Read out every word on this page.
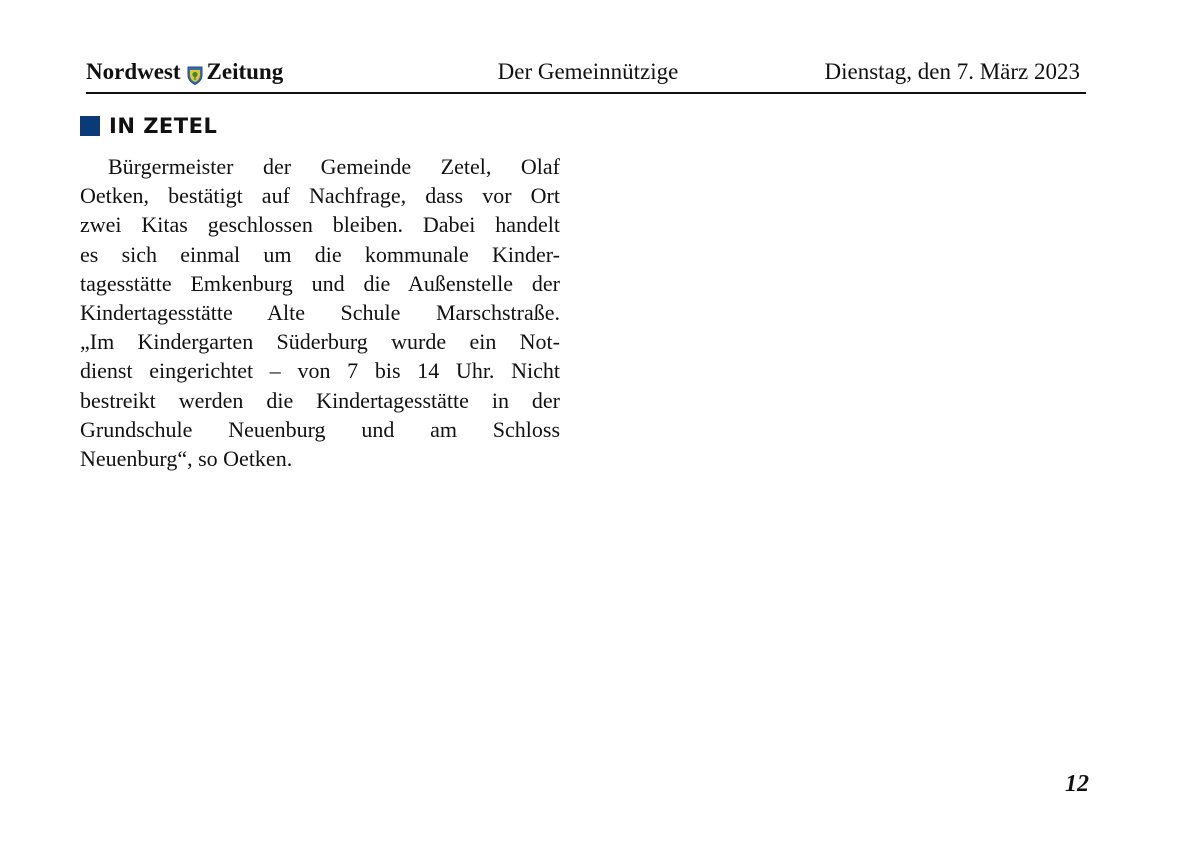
Nordwest Zeitung	Der Gemeinnützige	Dienstag, den 7. März 2023
IN ZETEL
Bürgermeister der Gemeinde Zetel, Olaf
Oetken, bestätigt auf Nachfrage, dass vor Ort
zwei Kitas geschlossen bleiben. Dabei handelt
es sich einmal um die kommunale Kinder-
tagesstätte Emkenburg und die Außenstelle der
Kindertagesstätte Alte Schule Marschstraße.
„Im Kindergarten Süderburg wurde ein Not-
dienst eingerichtet – von 7 bis 14 Uhr. Nicht
bestreikt werden die Kindertagesstätte in der
Grundschule Neuenburg und am Schloss
Neuenburg“, so Oetken.
12
